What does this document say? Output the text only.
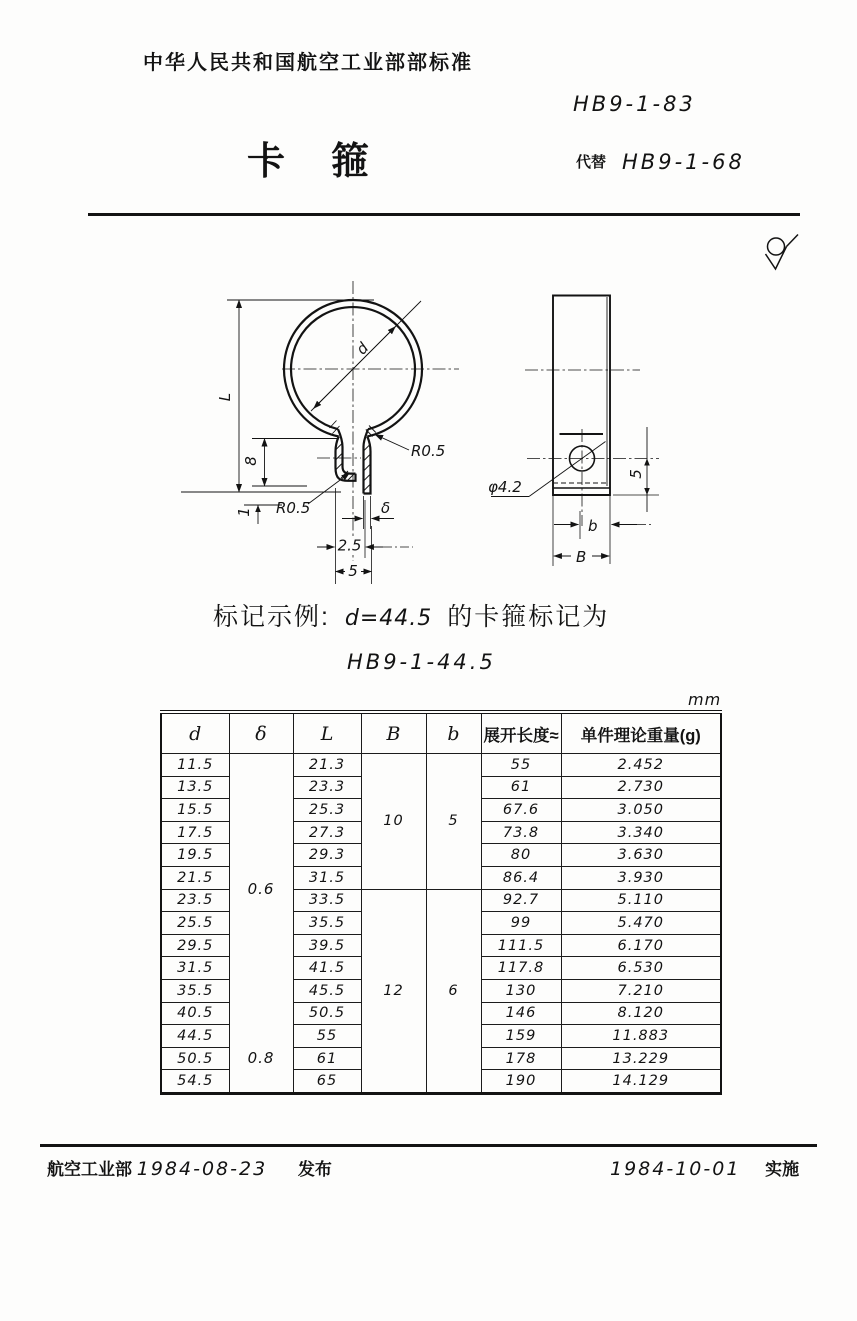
中华人民共和国航空工业部部标准
HB9-1-83
卡箍	代替 HB9-1-68
d
L
8
1
R0.5
R0.5	δ
2.5
5
φ4.2
5
b
B
标记示例: d=44.5 的卡箍标记为
HB9-1-44.5
mm
d	δ	L	B	b	展开长度≈	单件理论重量(g)
11.5	0.6	21.3	10	5	55	2.452
13.5		23.3			61	2.730
15.5		25.3			67.6	3.050
17.5		27.3			73.8	3.340
19.5		29.3			80	3.630
21.5		31.5			86.4	3.930
23.5		33.5	12	6	92.7	5.110
25.5		35.5			99	5.470
29.5		39.5			111.5	6.170
31.5		41.5			117.8	6.530
35.5		45.5			130	7.210
40.5		50.5			146	8.120
44.5	0.8	55			159	11.883
50.5		61			178	13.229
54.5		65			190	14.129
航空工业部 1984-08-23 发布	1984-10-01 实施
